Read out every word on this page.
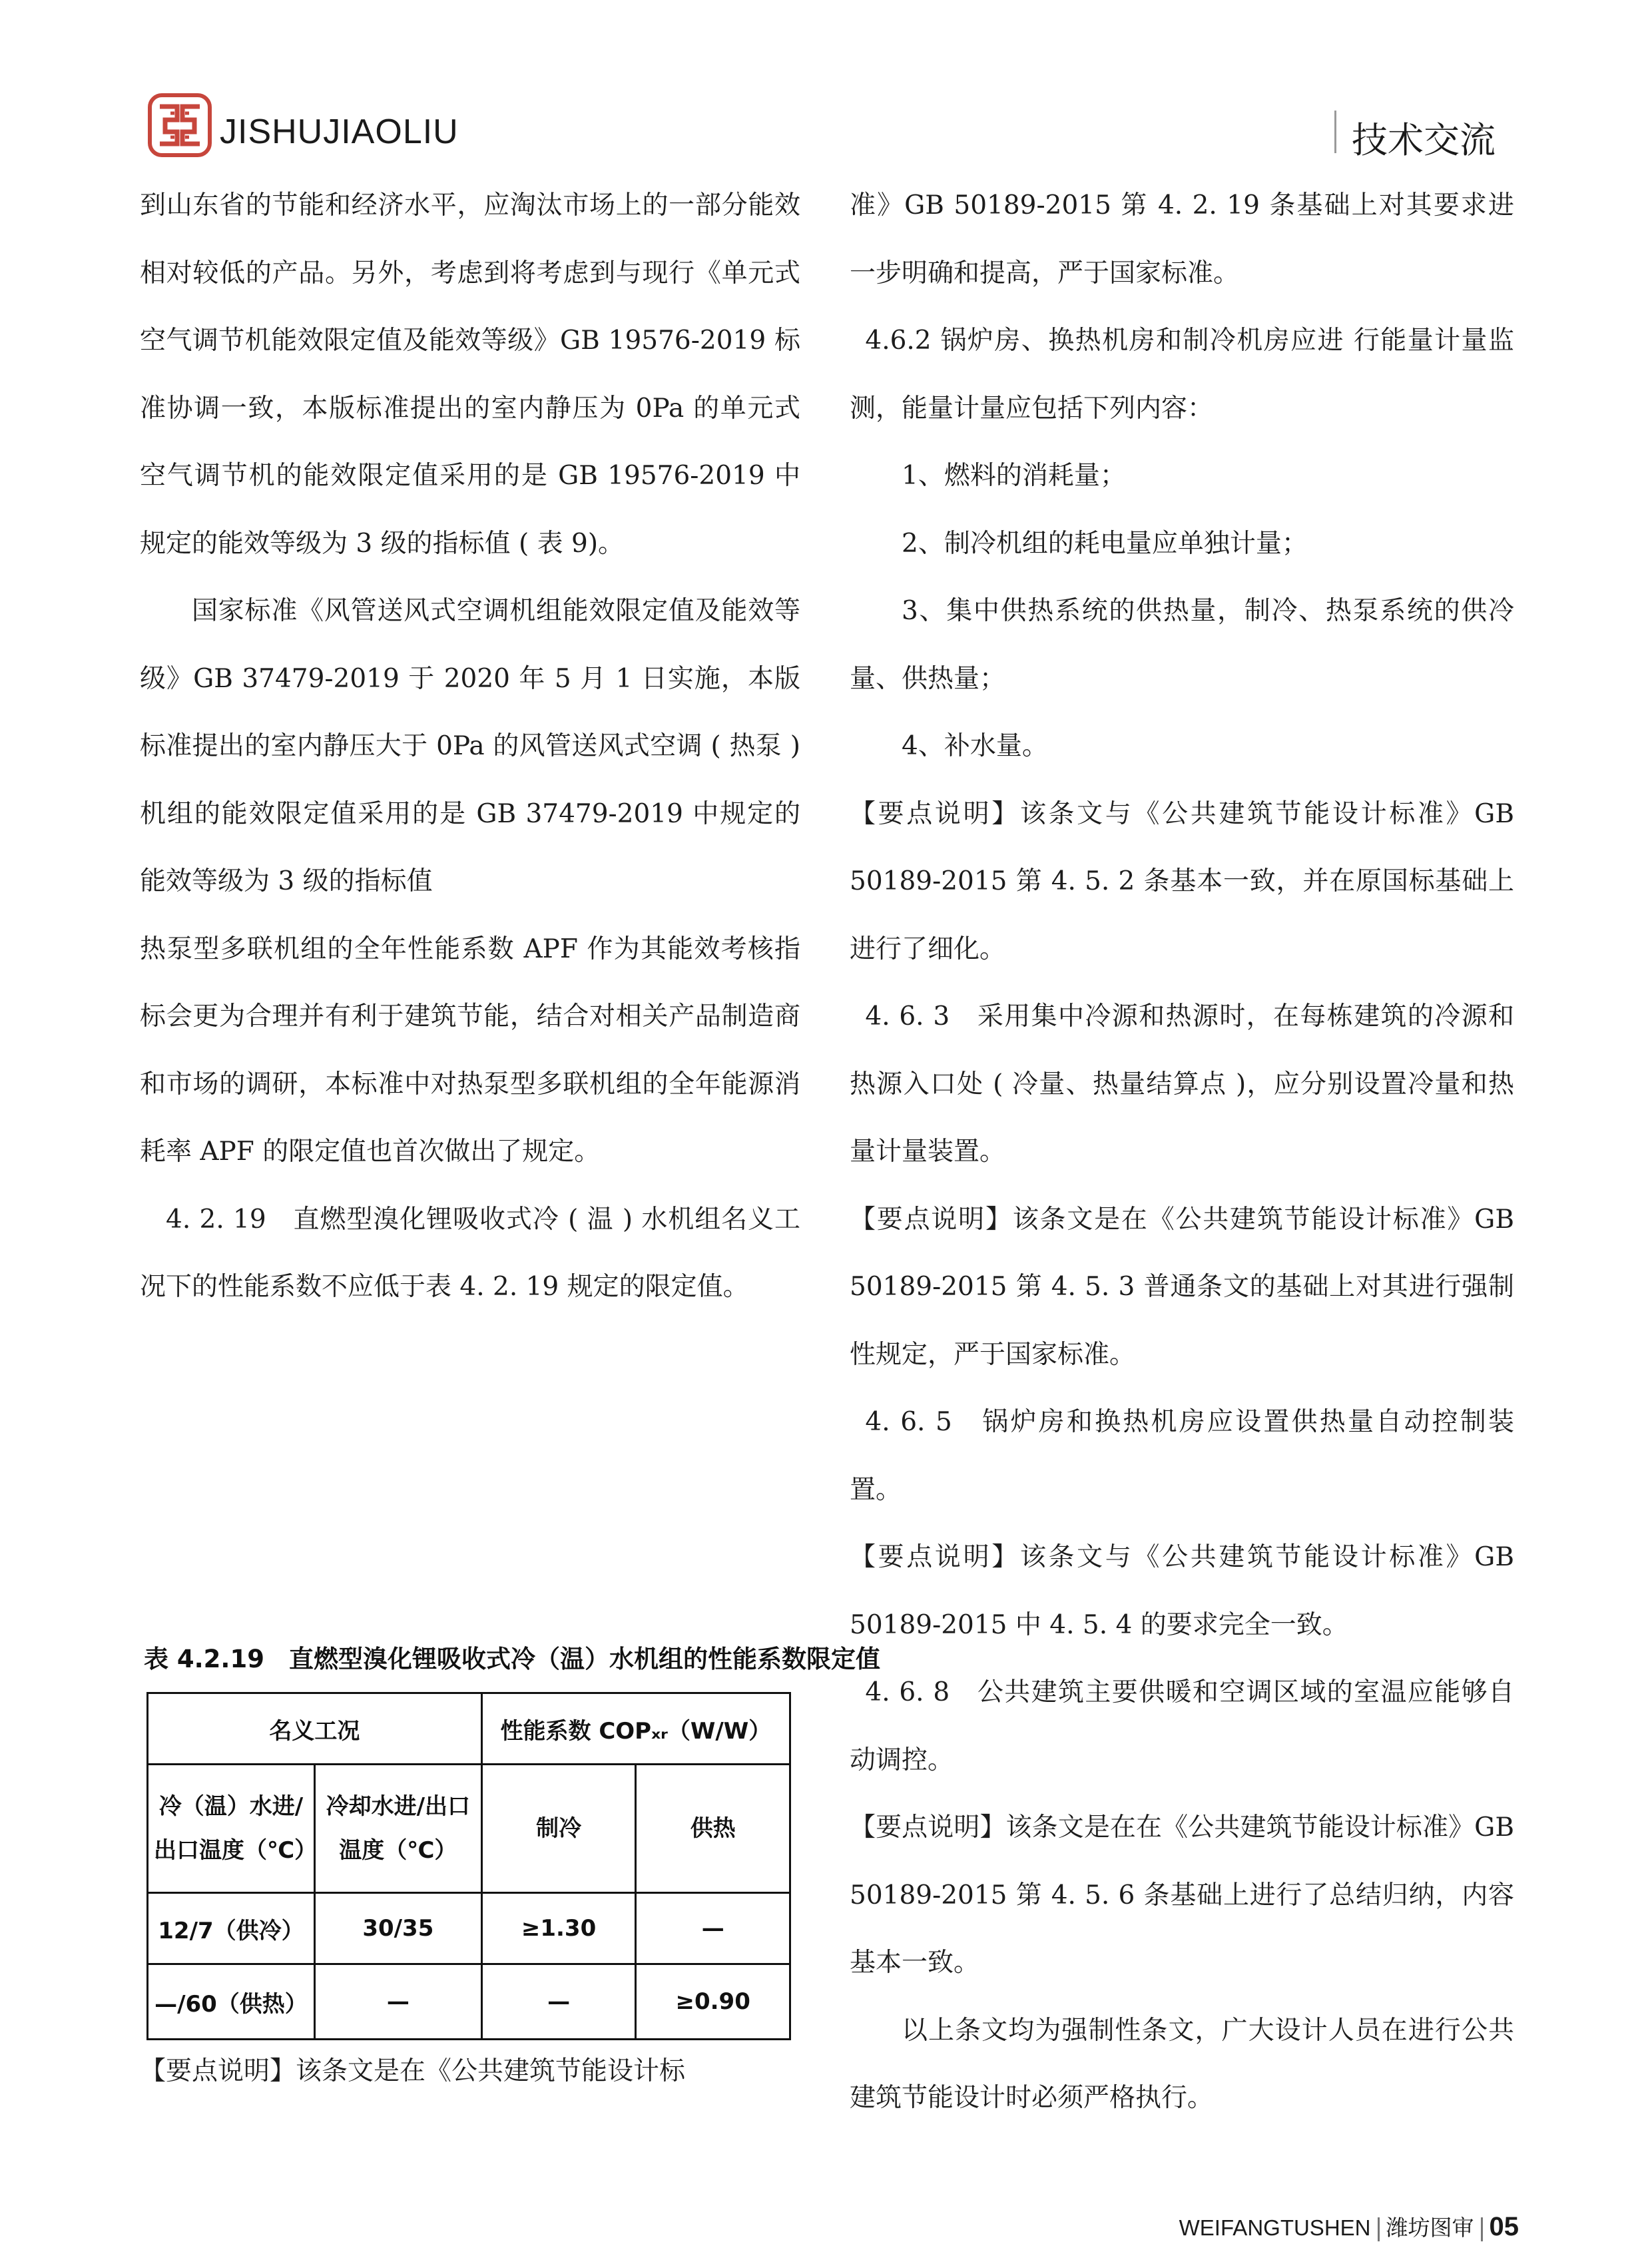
JISHUJIAOLIU	技术交流

到山东省的节能和经济水平，应淘汰市场上的一部分能效相对较低的产品。另外，考虑到将考虑到与现行《单元式空气调节机能效限定值及能效等级》GB 19576-2019 标准协调一致，本版标准提出的室内静压为 0Pa 的单元式空气调节机的能效限定值采用的是 GB 19576-2019 中规定的能效等级为 3 级的指标值 ( 表 9)。

国家标准《风管送风式空调机组能效限定值及能效等级》GB 37479-2019 于 2020 年 5 月 1 日实施，本版标准提出的室内静压大于 0Pa 的风管送风式空调 ( 热泵 ) 机组的能效限定值采用的是 GB 37479-2019 中规定的能效等级为 3 级的指标值

热泵型多联机组的全年性能系数 APF 作为其能效考核指标会更为合理并有利于建筑节能，结合对相关产品制造商和市场的调研，本标准中对热泵型多联机组的全年能源消耗率 APF 的限定值也首次做出了规定。

4. 2. 19　直燃型溴化锂吸收式冷 ( 温 ) 水机组名义工况下的性能系数不应低于表 4. 2. 19 规定的限定值。

表 4.2.19　直燃型溴化锂吸收式冷（温）水机组的性能系数限定值
名义工况		性能系数 COPₓᵣ（W/W）	
冷（温）水进/出口温度（℃）	冷却水进/出口温度（℃）	制冷	供热
12/7（供冷）	30/35	≥1.30	—
—/60（供热）	—	—	≥0.90
【要点说明】该条文是在《公共建筑节能设计标

准》GB 50189-2015 第 4. 2. 19 条基础上对其要求进一步明确和提高，严于国家标准。

4.6.2 锅炉房、换热机房和制冷机房应进 行能量计量监测，能量计量应包括下列内容：

1、燃料的消耗量；

2、制冷机组的耗电量应单独计量；

3、集中供热系统的供热量，制冷、热泵系统的供冷量、供热量；

4、补水量。

【要点说明】该条文与《公共建筑节能设计标准》GB 50189-2015 第 4. 5. 2 条基本一致，并在原国标基础上进行了细化。

4. 6. 3　采用集中冷源和热源时，在每栋建筑的冷源和热源入口处 ( 冷量、热量结算点 )，应分别设置冷量和热量计量装置。

【要点说明】该条文是在《公共建筑节能设计标准》GB 50189-2015 第 4. 5. 3 普通条文的基础上对其进行强制性规定，严于国家标准。

4. 6. 5　锅炉房和换热机房应设置供热量自动控制装置。

【要点说明】该条文与《公共建筑节能设计标准》GB 50189-2015 中 4. 5. 4 的要求完全一致。

4. 6. 8　公共建筑主要供暖和空调区域的室温应能够自动调控。

【要点说明】该条文是在在《公共建筑节能设计标准》GB 50189-2015 第 4. 5. 6 条基础上进行了总结归纳，内容基本一致。

以上条文均为强制性条文，广大设计人员在进行公共建筑节能设计时必须严格执行。

WEIFANGTUSHEN 潍坊图审 05
